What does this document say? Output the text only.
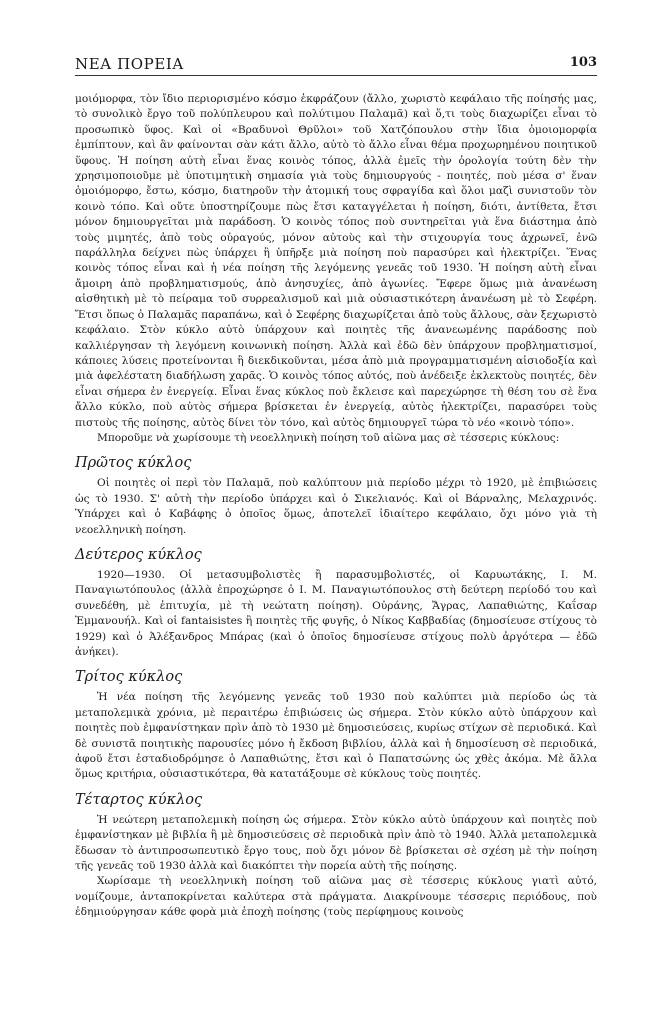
ΝΕΑ ΠΟΡΕΙΑ	103

μοιόμορφα, τὸν ἴδιο περιορισμένο κόσμο ἐκφράζουν (ἄλλο, χωριστὸ κεφάλαιο τῆς ποίησής μας, τὸ συνολικὸ ἔργο τοῦ πολύπλευρου καὶ πολύτιμου Παλαμᾶ) καὶ ὅ,τι τοὺς διαχωρίζει εἶναι τὸ προσωπικὸ ὕφος. Καὶ οἱ «Βραδυνοὶ Θρῦλοι» τοῦ Χατζόπουλου στὴν ἴδια ὁμοιομορφία ἐμπίπτουν, καὶ ἂν φαίνονται σὰν κάτι ἄλλο, αὐτὸ τὸ ἄλλο εἶναι θέμα προχωρημένου ποιητικοῦ ὕφους. Ἡ ποίηση αὐτὴ εἶναι ἕνας κοινὸς τόπος, ἀλλὰ ἐμεῖς τὴν ὀρολογία τούτη δὲν τὴν χρησιμοποιοῦμε μὲ ὑποτιμητικὴ σημασία γιὰ τοὺς δημιουργούς - ποιητές, ποὺ μέσα σ' ἕναν ὁμοιόμορφο, ἔστω, κόσμο, διατηροῦν τὴν ἀτομική τους σφραγίδα καὶ ὅλοι μαζὶ συνιστοῦν τὸν κοινὸ τόπο. Καὶ οὔτε ὑποστηρίζουμε πὼς ἔτσι καταγγέλεται ἡ ποίηση, διότι, ἀντίθετα, ἔτσι μόνον δημιουργεῖται μιὰ παράδοση. Ὁ κοινὸς τόπος ποὺ συντηρεῖται γιὰ ἕνα διάστημα ἀπὸ τοὺς μιμητές, ἀπὸ τοὺς οὐραγούς, μόνον αὐτοὺς καὶ τὴν στιχουργία τους ἀχρωνεῖ, ἐνῶ παράλληλα δείχνει πὼς ὑπάρχει ἢ ὑπῆρξε μιὰ ποίηση ποὺ παρασύρει καὶ ἠλεκτρίζει. Ἕνας κοινὸς τόπος εἶναι καὶ ἡ νέα ποίηση τῆς λεγόμενης γενεᾶς τοῦ 1930. Ἡ ποίηση αὐτὴ εἶναι ἄμοιρη ἀπὸ προβληματισμούς, ἀπὸ ἀνησυχίες, ἀπὸ ἀγωνίες. Ἔφερε ὅμως μιὰ ἀνανέωση αἰσθητικὴ μὲ τὸ πείραμα τοῦ συρρεαλισμοῦ καὶ μιὰ οὐσιαστικότερη ἀνανέωση μὲ τὸ Σεφέρη. Ἔτσι ὅπως ὁ Παλαμᾶς παραπάνω, καὶ ὁ Σεφέρης διαχωρίζεται ἀπὸ τοὺς ἄλλους, σὰν ξεχωριστὸ κεφάλαιο. Στὸν κύκλο αὐτὸ ὑπάρχουν καὶ ποιητὲς τῆς ἀνανεωμένης παράδοσης ποὺ καλλιέργησαν τὴ λεγόμενη κοινωνικὴ ποίηση. Ἀλλὰ καὶ ἐδῶ δὲν ὑπάρχουν προβληματισμοί, κάποιες λύσεις προτείνονται ἢ διεκδικοῦνται, μέσα ἀπὸ μιὰ προγραμματισμένη αἰσιοδοξία καὶ μιὰ ἀφελέστατη διαδήλωση χαρᾶς. Ὁ κοινὸς τόπος αὐτός, ποὺ ἀνέδειξε ἐκλεκτοὺς ποιητές, δὲν εἶναι σήμερα ἐν ἐνεργείᾳ. Εἶναι ἕνας κύκλος ποὺ ἔκλεισε καὶ παρεχώρησε τὴ θέση του σὲ ἕνα ἄλλο κύκλο, ποὺ αὐτὸς σήμερα βρίσκεται ἐν ἐνεργείᾳ, αὐτὸς ἠλεκτρίζει, παρασύρει τοὺς πιστοὺς τῆς ποίησης, αὐτὸς δίνει τὸν τόνο, καὶ αὐτὸς δημιουργεῖ τώρα τὸ νέο «κοινὸ τόπο».

Μποροῦμε νὰ χωρίσουμε τὴ νεοελληνικὴ ποίηση τοῦ αἰῶνα μας σὲ τέσσερις κύκλους:

Πρῶτος κύκλος

Οἱ ποιητὲς οἱ περὶ τὸν Παλαμᾶ, ποὺ καλύπτουν μιὰ περίοδο μέχρι τὸ 1920, μὲ ἐπιβιώσεις ὡς τὸ 1930. Σ' αὐτὴ τὴν περίοδο ὑπάρχει καὶ ὁ Σικελιανός. Καὶ οἱ Βάρναλης, Μελαχρινός. Ὑπάρχει καὶ ὁ Καβάφης ὁ ὁποῖος ὅμως, ἀποτελεῖ ἰδιαίτερο κεφάλαιο, ὄχι μόνο γιὰ τὴ νεοελληνικὴ ποίηση.

Δεύτερος κύκλος

1920—1930. Οἱ μετασυμβολιστὲς ἢ παρασυμβολιστές, οἱ Καρυωτάκης, Ι. Μ. Παναγιωτόπουλος (ἀλλὰ ἐπροχώρησε ὁ Ι. Μ. Παναγιωτόπουλος στὴ δεύτερη περίοδό του καὶ συνεδέθη, μὲ ἐπιτυχία, μὲ τὴ νεώτατη ποίηση). Οὐράνης, Ἄγρας, Λαπαθιώτης, Καΐσαρ Ἐμμανουήλ. Καὶ οἱ fantaisistes ἢ ποιητὲς τῆς φυγῆς, ὁ Νίκος Καββαδίας (δημοσίευσε στίχους τὸ 1929) καὶ ὁ Ἀλέξανδρος Μπάρας (καὶ ὁ ὁποῖος δημοσίευσε στίχους πολὺ ἀργότερα — ἐδῶ ἀνήκει).

Τρίτος κύκλος

Ἡ νέα ποίηση τῆς λεγόμενης γενεᾶς τοῦ 1930 ποὺ καλύπτει μιὰ περίοδο ὡς τὰ μεταπολεμικὰ χρόνια, μὲ περαιτέρω ἐπιβιώσεις ὡς σήμερα. Στὸν κύκλο αὐτὸ ὑπάρχουν καὶ ποιητὲς ποὺ ἐμφανίστηκαν πρὶν ἀπὸ τὸ 1930 μὲ δημοσιεύσεις, κυρίως στίχων σὲ περιοδικά. Καὶ δὲ συνιστᾶ ποιητικὴς παρουσίες μόνο ἡ ἔκδοση βιβλίου, ἀλλὰ καὶ ἡ δημοσίευση σὲ περιοδικά, ἀφοῦ ἔτσι ἐσταδιοδρόμησε ὁ Λαπαθιώτης, ἔτσι καὶ ὁ Παπατσώνης ὡς χθὲς ἀκόμα. Μὲ ἄλλα ὅμως κριτήρια, οὐσιαστικότερα, θὰ κατατάξουμε σὲ κύκλους τοὺς ποιητές.

Τέταρτος κύκλος

Ἡ νεώτερη μεταπολεμικὴ ποίηση ὡς σήμερα. Στὸν κύκλο αὐτὸ ὑπάρχουν καὶ ποιητὲς ποὺ ἐμφανίστηκαν μὲ βιβλία ἢ μὲ δημοσιεύσεις σὲ περιοδικὰ πρὶν ἀπὸ τὸ 1940. Ἀλλὰ μεταπολεμικὰ ἔδωσαν τὸ ἀντιπροσωπευτικὸ ἔργο τους, ποὺ ὄχι μόνον δὲ βρίσκεται σὲ σχέση μὲ τὴν ποίηση τῆς γενεᾶς τοῦ 1930 ἀλλὰ καὶ διακόπτει τὴν πορεία αὐτὴ τῆς ποίησης.

Χωρίσαμε τὴ νεοελληνικὴ ποίηση τοῦ αἰῶνα μας σὲ τέσσερις κύκλους γιατὶ αὐτό, νομίζουμε, ἀνταποκρίνεται καλύτερα στὰ πράγματα. Διακρίνουμε τέσσερις περιόδους, ποὺ ἐδημιούργησαν κάθε φορὰ μιὰ ἐποχὴ ποίησης (τοὺς περίφημους κοινοὺς
